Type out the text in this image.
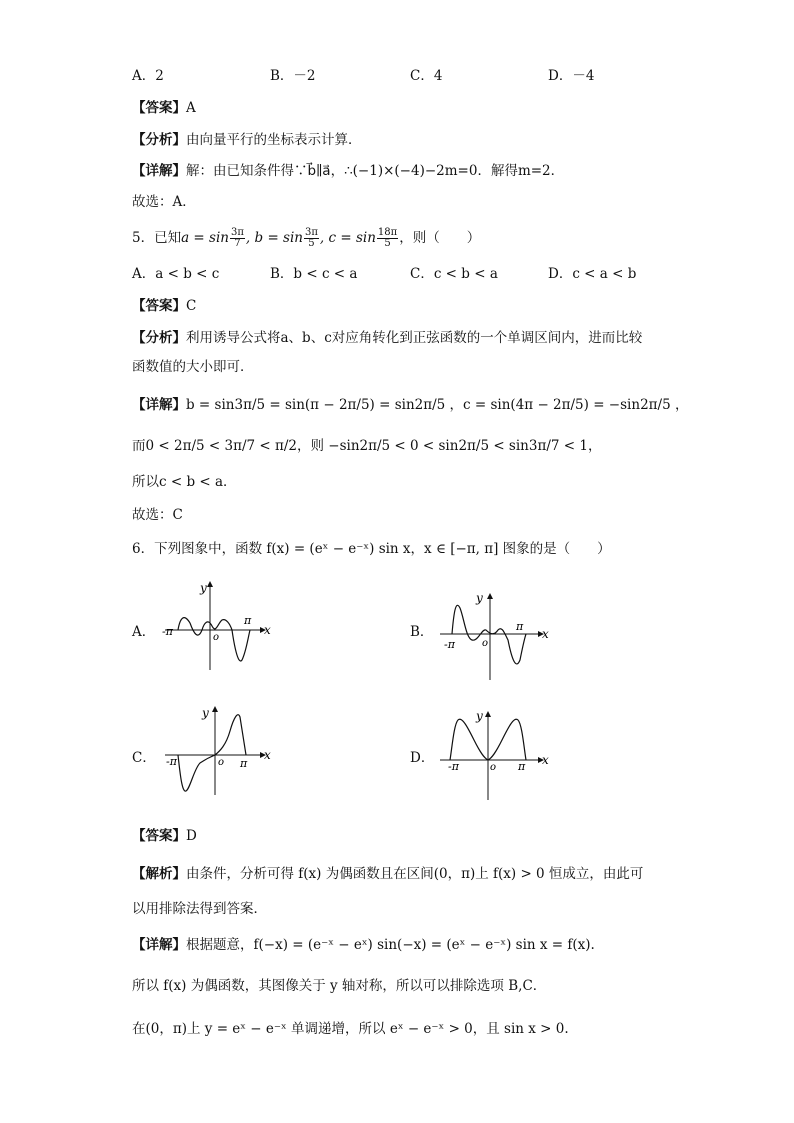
A．2	B．－2	C．4	D．－4
【答案】A
【分析】由向量平行的坐标表示计算．
【详解】解：由已知条件得∵b⃗∥a⃗，∴(−1)×(−4)−2m=0．解得m=2．
故选：A．
5．已知$a = \sin \frac{3\pi}{7}$ , $b = \sin \frac{3\pi}{5}$ , $c = \sin \frac{18\pi}{5}$ ，则（　　）
A．a < b < c	B．b < c < a	C．c < b < a	D．c < a < b
【答案】C
【分析】利用诱导公式将a、b、c对应角转化到正弦函数的一个单调区间内，进而比较
函数值的大小即可．
【详解】b = sin3π/5 = sin(π − 2π/5) = sin2π/5 ，c = sin(4π − 2π/5) = −sin2π/5 ，
而0 < 2π/5 < 3π/7 < π/2，则 −sin2π/5 < 0 < sin2π/5 < sin3π/7 < 1，
所以c < b < a．
故选：C
6．下列图象中，函数 f(x) = (eˣ − e⁻ˣ) sin x，x ∈ [−π, π] 图象的是（　　）
A． -π
π
x
y
o	B．
-π
π
x
y
o
C． -π	π
x
y
o	D．
-π	π x
y
o
【答案】D
【解析】由条件，分析可得 f(x) 为偶函数且在区间(0，π)上 f(x) > 0 恒成立，由此可
以用排除法得到答案．
【详解】根据题意，f(−x) = (e⁻ˣ − eˣ) sin(−x) = (eˣ − e⁻ˣ) sin x = f(x).
所以 f(x) 为偶函数，其图像关于 y 轴对称，所以可以排除选项 B,C．
在(0，π)上 y = eˣ − e⁻ˣ 单调递增，所以 eˣ − e⁻ˣ > 0，且 sin x > 0.
